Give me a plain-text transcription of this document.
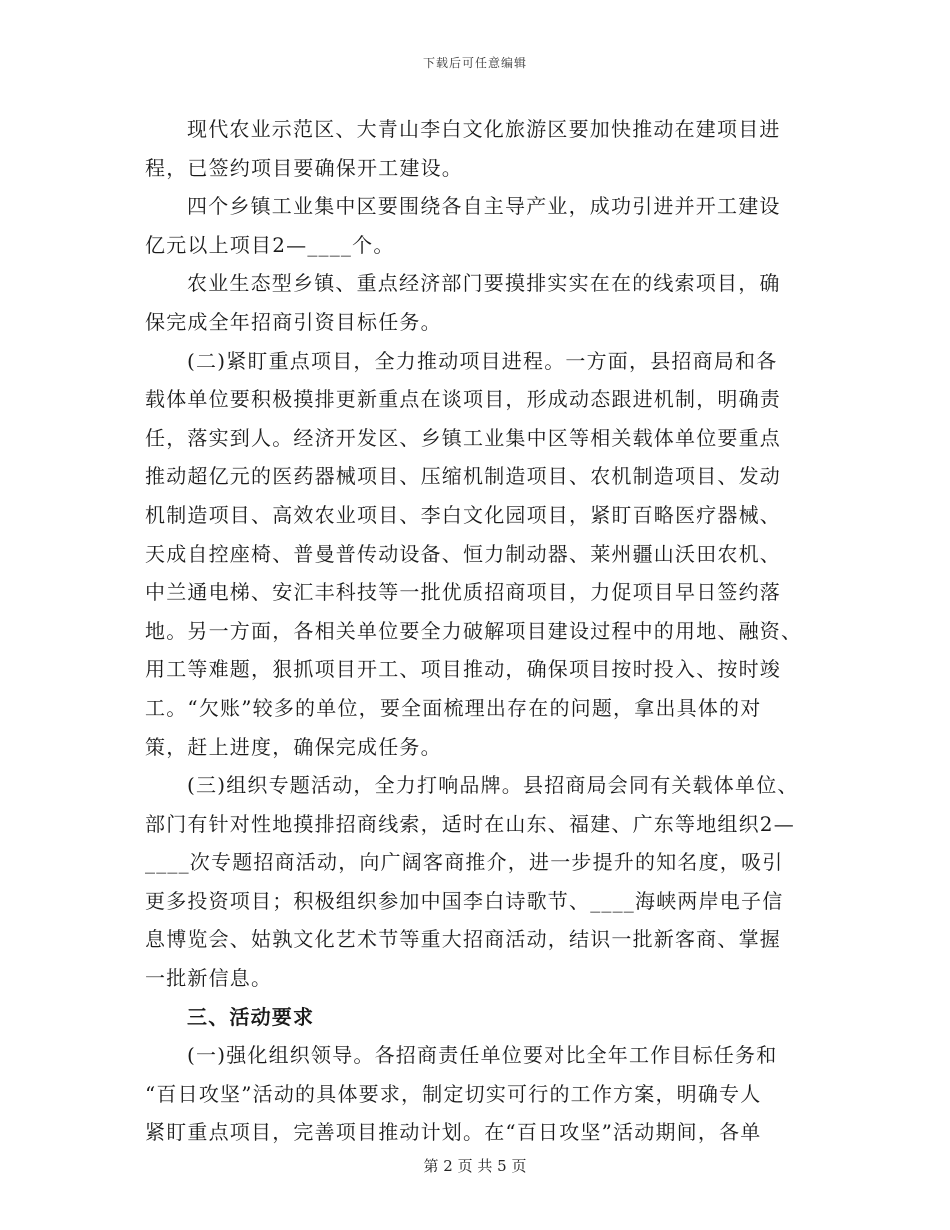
下载后可任意编辑

现代农业示范区、大青山李白文化旅游区要加快推动在建项目进
程，已签约项目要确保开工建设。

四个乡镇工业集中区要围绕各自主导产业，成功引进并开工建设
亿元以上项目2—____个。

农业生态型乡镇、重点经济部门要摸排实实在在的线索项目，确
保完成全年招商引资目标任务。

(二)紧盯重点项目，全力推动项目进程。一方面，县招商局和各
载体单位要积极摸排更新重点在谈项目，形成动态跟进机制，明确责
任，落实到人。经济开发区、乡镇工业集中区等相关载体单位要重点
推动超亿元的医药器械项目、压缩机制造项目、农机制造项目、发动
机制造项目、高效农业项目、李白文化园项目，紧盯百略医疗器械、
天成自控座椅、普曼普传动设备、恒力制动器、莱州疆山沃田农机、
中兰通电梯、安汇丰科技等一批优质招商项目，力促项目早日签约落
地。另一方面，各相关单位要全力破解项目建设过程中的用地、融资、
用工等难题，狠抓项目开工、项目推动，确保项目按时投入、按时竣
工。“欠账”较多的单位，要全面梳理出存在的问题，拿出具体的对
策，赶上进度，确保完成任务。

(三)组织专题活动，全力打响品牌。县招商局会同有关载体单位、
部门有针对性地摸排招商线索，适时在山东、福建、广东等地组织2—
____次专题招商活动，向广阔客商推介，进一步提升的知名度，吸引
更多投资项目；积极组织参加中国李白诗歌节、____海峡两岸电子信
息博览会、姑孰文化艺术节等重大招商活动，结识一批新客商、掌握
一批新信息。

三、活动要求

(一)强化组织领导。各招商责任单位要对比全年工作目标任务和
“百日攻坚”活动的具体要求，制定切实可行的工作方案，明确专人
紧盯重点项目，完善项目推动计划。在“百日攻坚”活动期间，各单

第 2 页 共 5 页
